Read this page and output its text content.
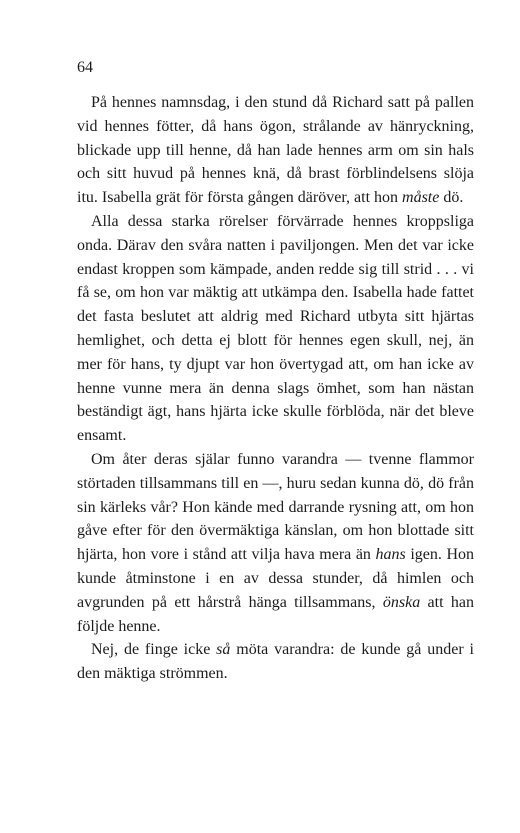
64

På hennes namnsdag, i den stund då Richard satt på pallen vid hennes fötter, då hans ögon, strålande av hänryckning, blickade upp till henne, då han lade hennes arm om sin hals och sitt huvud på hennes knä, då brast förblindelsens slöja itu. Isabella grät för första gången däröver, att hon måste dö.

Alla dessa starka rörelser förvärrade hennes kroppsliga onda. Därav den svåra natten i paviljongen. Men det var icke endast kroppen som kämpade, anden redde sig till strid . . . vi få se, om hon var mäktig att utkämpa den. Isabella hade fattet det fasta beslutet att aldrig med Richard utbyta sitt hjärtas hemlighet, och detta ej blott för hennes egen skull, nej, än mer för hans, ty djupt var hon övertygad att, om han icke av henne vunne mera än denna slags ömhet, som han nästan beständigt ägt, hans hjärta icke skulle förblöda, när det bleve ensamt.

Om åter deras själar funno varandra — tvenne flammor störtaden tillsammans till en —, huru sedan kunna dö, dö från sin kärleks vår? Hon kände med darrande rysning att, om hon gåve efter för den övermäktiga känslan, om hon blottade sitt hjärta, hon vore i stånd att vilja hava mera än hans igen. Hon kunde åtminstone i en av dessa stunder, då himlen och avgrunden på ett hårstrå hänga tillsammans, önska att han följde henne.

Nej, de finge icke så möta varandra: de kunde gå under i den mäktiga strömmen.
